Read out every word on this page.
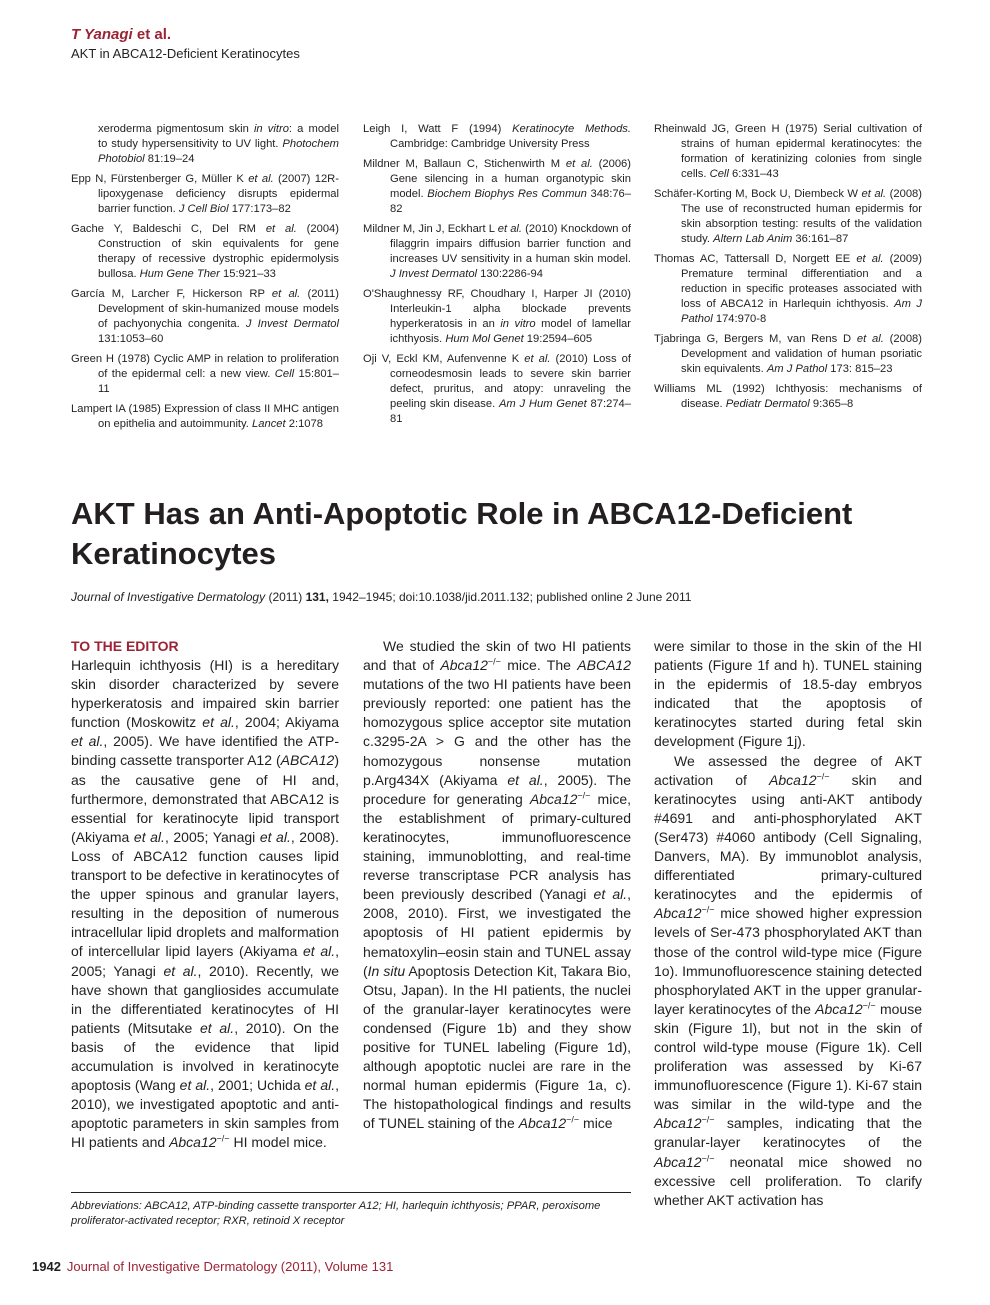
T Yanagi et al.
AKT in ABCA12-Deficient Keratinocytes
xeroderma pigmentosum skin in vitro: a model to study hypersensitivity to UV light. Photochem Photobiol 81:19–24
Epp N, Fürstenberger G, Müller K et al. (2007) 12R-lipoxygenase deficiency disrupts epidermal barrier function. J Cell Biol 177:173–82
Gache Y, Baldeschi C, Del RM et al. (2004) Construction of skin equivalents for gene therapy of recessive dystrophic epidermolysis bullosa. Hum Gene Ther 15:921–33
García M, Larcher F, Hickerson RP et al. (2011) Development of skin-humanized mouse models of pachyonychia congenita. J Invest Dermatol 131:1053–60
Green H (1978) Cyclic AMP in relation to proliferation of the epidermal cell: a new view. Cell 15:801–11
Lampert IA (1985) Expression of class II MHC antigen on epithelia and autoimmunity. Lancet 2:1078
Leigh I, Watt F (1994) Keratinocyte Methods. Cambridge: Cambridge University Press
Mildner M, Ballaun C, Stichenwirth M et al. (2006) Gene silencing in a human organotypic skin model. Biochem Biophys Res Commun 348:76–82
Mildner M, Jin J, Eckhart L et al. (2010) Knockdown of filaggrin impairs diffusion barrier function and increases UV sensitivity in a human skin model. J Invest Dermatol 130:2286-94
O'Shaughnessy RF, Choudhary I, Harper JI (2010) Interleukin-1 alpha blockade prevents hyperkeratosis in an in vitro model of lamellar ichthyosis. Hum Mol Genet 19:2594–605
Oji V, Eckl KM, Aufenvenne K et al. (2010) Loss of corneodesmosin leads to severe skin barrier defect, pruritus, and atopy: unraveling the peeling skin disease. Am J Hum Genet 87:274–81
Rheinwald JG, Green H (1975) Serial cultivation of strains of human epidermal keratinocytes: the formation of keratinizing colonies from single cells. Cell 6:331–43
Schäfer-Korting M, Bock U, Diembeck W et al. (2008) The use of reconstructed human epidermis for skin absorption testing: results of the validation study. Altern Lab Anim 36:161–87
Thomas AC, Tattersall D, Norgett EE et al. (2009) Premature terminal differentiation and a reduction in specific proteases associated with loss of ABCA12 in Harlequin ichthyosis. Am J Pathol 174:970-8
Tjabringa G, Bergers M, van Rens D et al. (2008) Development and validation of human psoriatic skin equivalents. Am J Pathol 173: 815–23
Williams ML (1992) Ichthyosis: mechanisms of disease. Pediatr Dermatol 9:365–8
AKT Has an Anti-Apoptotic Role in ABCA12-Deficient Keratinocytes
Journal of Investigative Dermatology (2011) 131, 1942–1945; doi:10.1038/jid.2011.132; published online 2 June 2011
TO THE EDITOR

Harlequin ichthyosis (HI) is a hereditary skin disorder characterized by severe hyperkeratosis and impaired skin barrier function (Moskowitz et al., 2004; Akiyama et al., 2005). We have identified the ATP-binding cassette transporter A12 (ABCA12) as the causative gene of HI and, furthermore, demonstrated that ABCA12 is essential for keratinocyte lipid transport (Akiyama et al., 2005; Yanagi et al., 2008). Loss of ABCA12 function causes lipid transport to be defective in keratinocytes of the upper spinous and granular layers, resulting in the deposition of numerous intracellular lipid droplets and malformation of intercellular lipid layers (Akiyama et al., 2005; Yanagi et al., 2010). Recently, we have shown that gangliosides accumulate in the differentiated keratinocytes of HI patients (Mitsutake et al., 2010). On the basis of the evidence that lipid accumulation is involved in keratinocyte apoptosis (Wang et al., 2001; Uchida et al., 2010), we investigated apoptotic and anti-apoptotic parameters in skin samples from HI patients and Abca12−/− HI model mice.

We studied the skin of two HI patients and that of Abca12−/− mice. The ABCA12 mutations of the two HI patients have been previously reported: one patient has the homozygous splice acceptor site mutation c.3295-2A > G and the other has the homozygous nonsense mutation p.Arg434X (Akiyama et al., 2005). The procedure for generating Abca12−/− mice, the establishment of primary-cultured keratinocytes, immunofluorescence staining, immunoblotting, and real-time reverse transcriptase PCR analysis has been previously described (Yanagi et al., 2008, 2010). First, we investigated the apoptosis of HI patient epidermis by hematoxylin–eosin stain and TUNEL assay (In situ Apoptosis Detection Kit, Takara Bio, Otsu, Japan). In the HI patients, the nuclei of the granular-layer keratinocytes were condensed (Figure 1b) and they show positive for TUNEL labeling (Figure 1d), although apoptotic nuclei are rare in the normal human epidermis (Figure 1a, c). The histopathological findings and results of TUNEL staining of the Abca12−/− mice

were similar to those in the skin of the HI patients (Figure 1f and h). TUNEL staining in the epidermis of 18.5-day embryos indicated that the apoptosis of keratinocytes started during fetal skin development (Figure 1j).

We assessed the degree of AKT activation of Abca12−/− skin and keratinocytes using anti-AKT antibody #4691 and anti-phosphorylated AKT (Ser473) #4060 antibody (Cell Signaling, Danvers, MA). By immunoblot analysis, differentiated primary-cultured keratinocytes and the epidermis of Abca12−/− mice showed higher expression levels of Ser-473 phosphorylated AKT than those of the control wild-type mice (Figure 1o). Immunofluorescence staining detected phosphorylated AKT in the upper granular-layer keratinocytes of the Abca12−/− mouse skin (Figure 1l), but not in the skin of control wild-type mouse (Figure 1k). Cell proliferation was assessed by Ki-67 immunofluorescence (Figure 1). Ki-67 stain was similar in the wild-type and the Abca12−/− samples, indicating that the granular-layer keratinocytes of the Abca12−/− neonatal mice showed no excessive cell proliferation. To clarify whether AKT activation has

Abbreviations: ABCA12, ATP-binding cassette transporter A12; HI, harlequin ichthyosis; PPAR, peroxisome proliferator-activated receptor; RXR, retinoid X receptor
1942 Journal of Investigative Dermatology (2011), Volume 131
